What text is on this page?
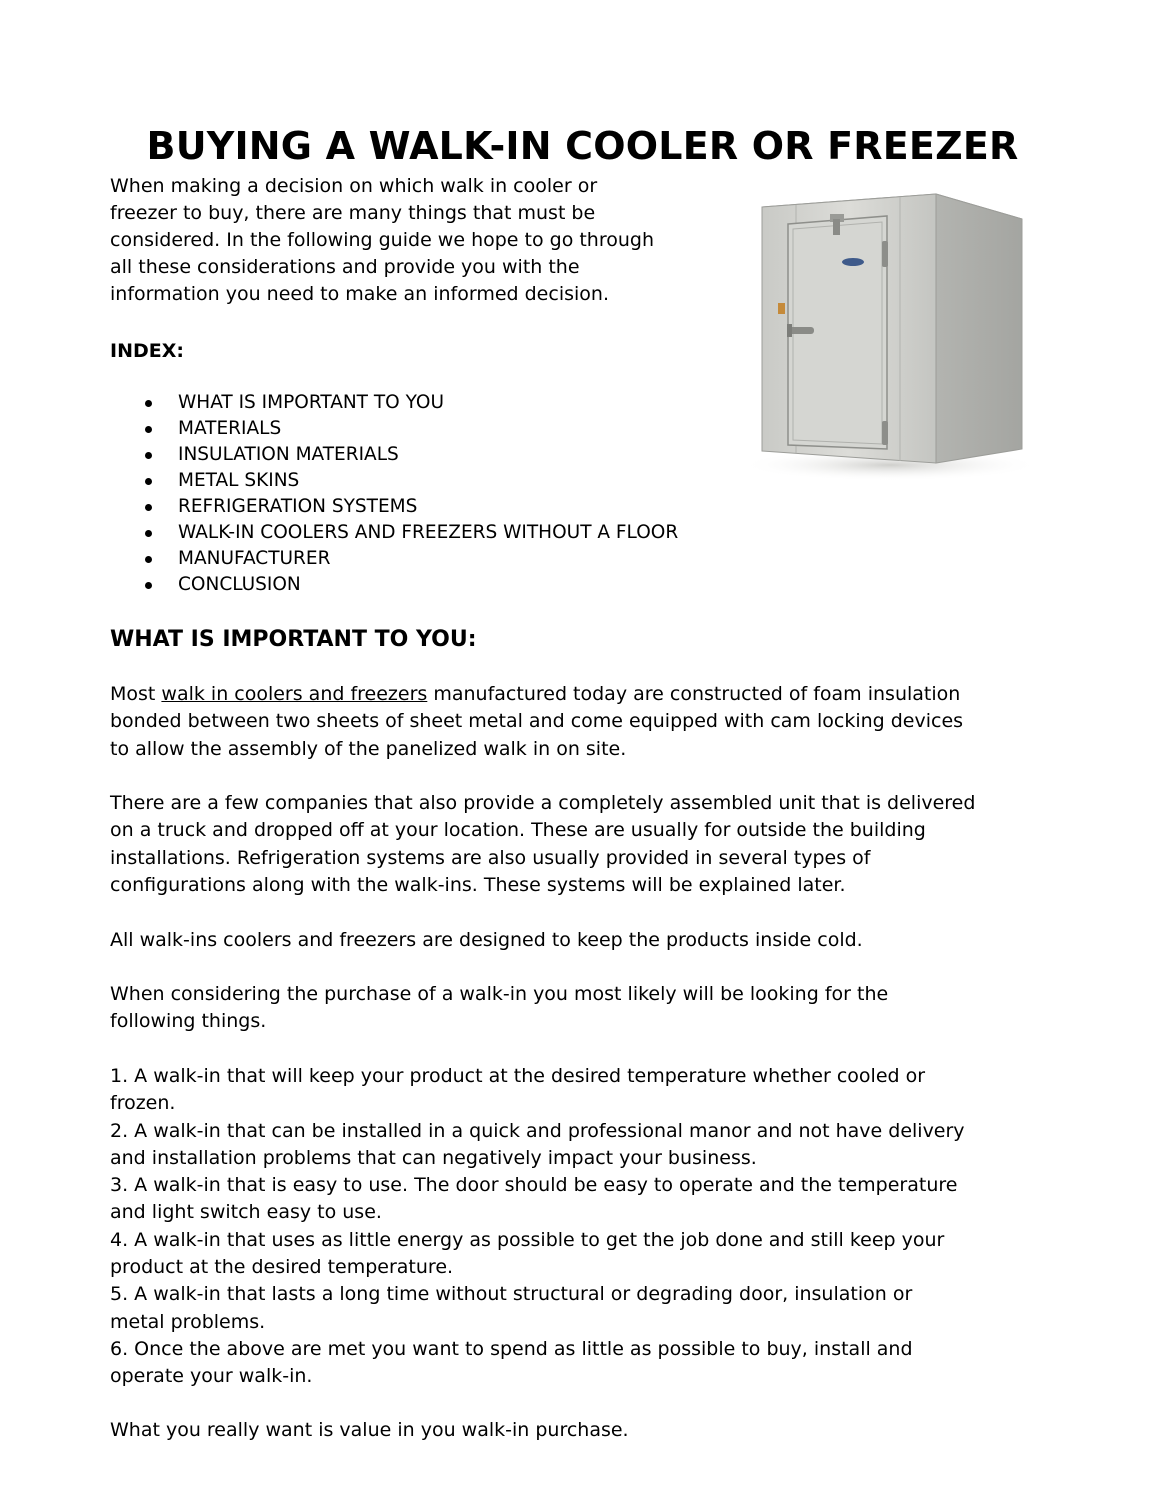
BUYING A WALK-IN COOLER OR FREEZER
When making a decision on which walk in cooler or
freezer to buy, there are many things that must be
considered. In the following guide we hope to go through
all these considerations and provide you with the
information you need to make an informed decision.
INDEX:
WHAT IS IMPORTANT TO YOU
MATERIALS
INSULATION MATERIALS
METAL SKINS
REFRIGERATION SYSTEMS
WALK-IN COOLERS AND FREEZERS WITHOUT A FLOOR
MANUFACTURER
CONCLUSION
WHAT IS IMPORTANT TO YOU:

Most walk in coolers and freezers manufactured today are constructed of foam insulation
bonded between two sheets of sheet metal and come equipped with cam locking devices
to allow the assembly of the panelized walk in on site.

There are a few companies that also provide a completely assembled unit that is delivered
on a truck and dropped off at your location. These are usually for outside the building
installations. Refrigeration systems are also usually provided in several types of
configurations along with the walk-ins. These systems will be explained later.

All walk-ins coolers and freezers are designed to keep the products inside cold.

When considering the purchase of a walk-in you most likely will be looking for the
following things.

1. A walk-in that will keep your product at the desired temperature whether cooled or
frozen.
2. A walk-in that can be installed in a quick and professional manor and not have delivery
and installation problems that can negatively impact your business.
3. A walk-in that is easy to use. The door should be easy to operate and the temperature
and light switch easy to use.
4. A walk-in that uses as little energy as possible to get the job done and still keep your
product at the desired temperature.
5. A walk-in that lasts a long time without structural or degrading door, insulation or
metal problems.
6. Once the above are met you want to spend as little as possible to buy, install and
operate your walk-in.

What you really want is value in you walk-in purchase.
